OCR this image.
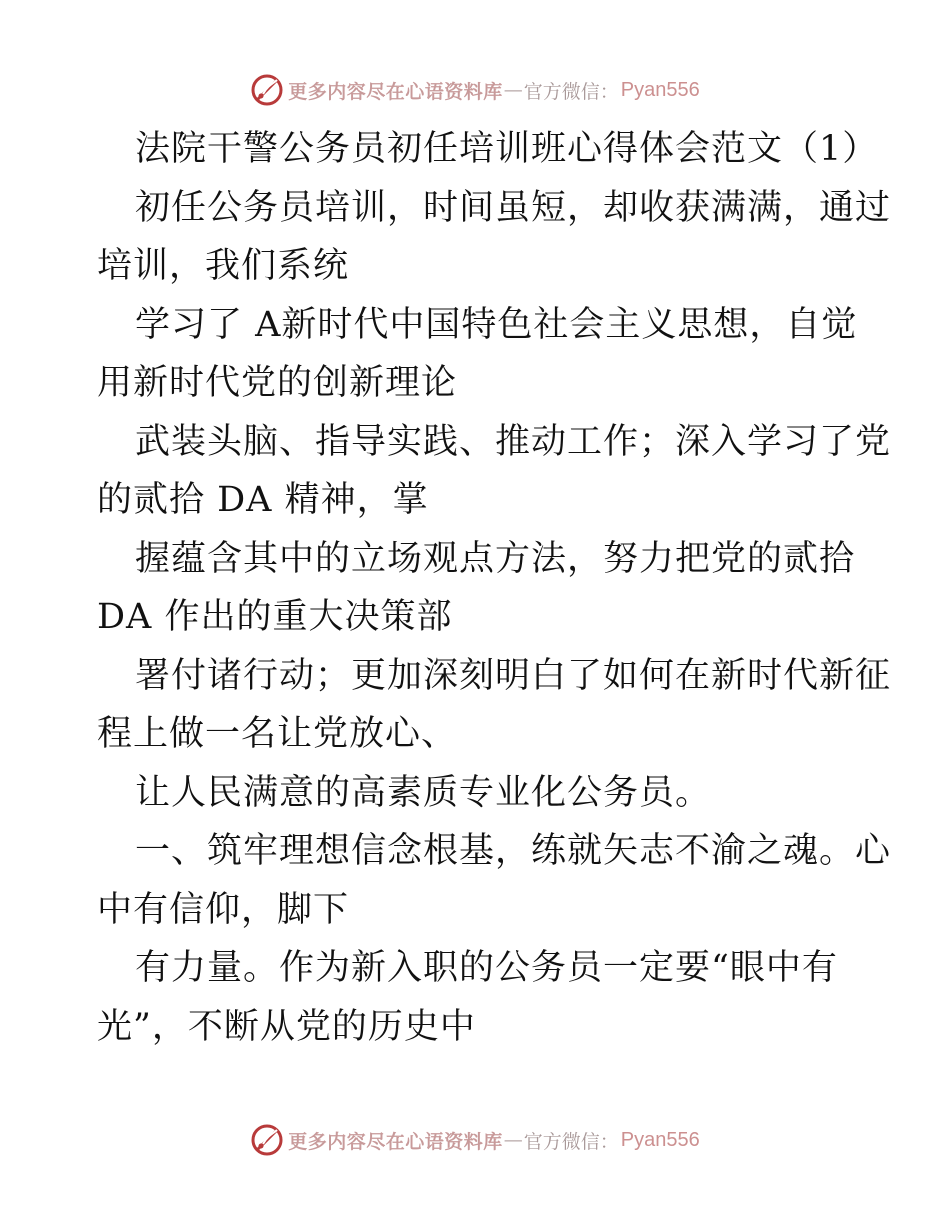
更多内容尽在心语资料库 — 官方微信： Pyan556
法院干警公务员初任培训班心得体会范文（1）
初任公务员培训，时间虽短，却收获满满，通过
培训，我们系统
学习了 A新时代中国特色社会主义思想，自觉
用新时代党的创新理论
武装头脑、指导实践、推动工作；深入学习了党
的贰拾 DA 精神，掌
握蕴含其中的立场观点方法，努力把党的贰拾
DA 作出的重大决策部
署付诸行动；更加深刻明白了如何在新时代新征
程上做一名让党放心、
让人民满意的高素质专业化公务员。
一、筑牢理想信念根基，练就矢志不渝之魂。心
中有信仰，脚下
有力量。作为新入职的公务员一定要“眼中有
光”，不断从党的历史中
更多内容尽在心语资料库 — 官方微信： Pyan556
